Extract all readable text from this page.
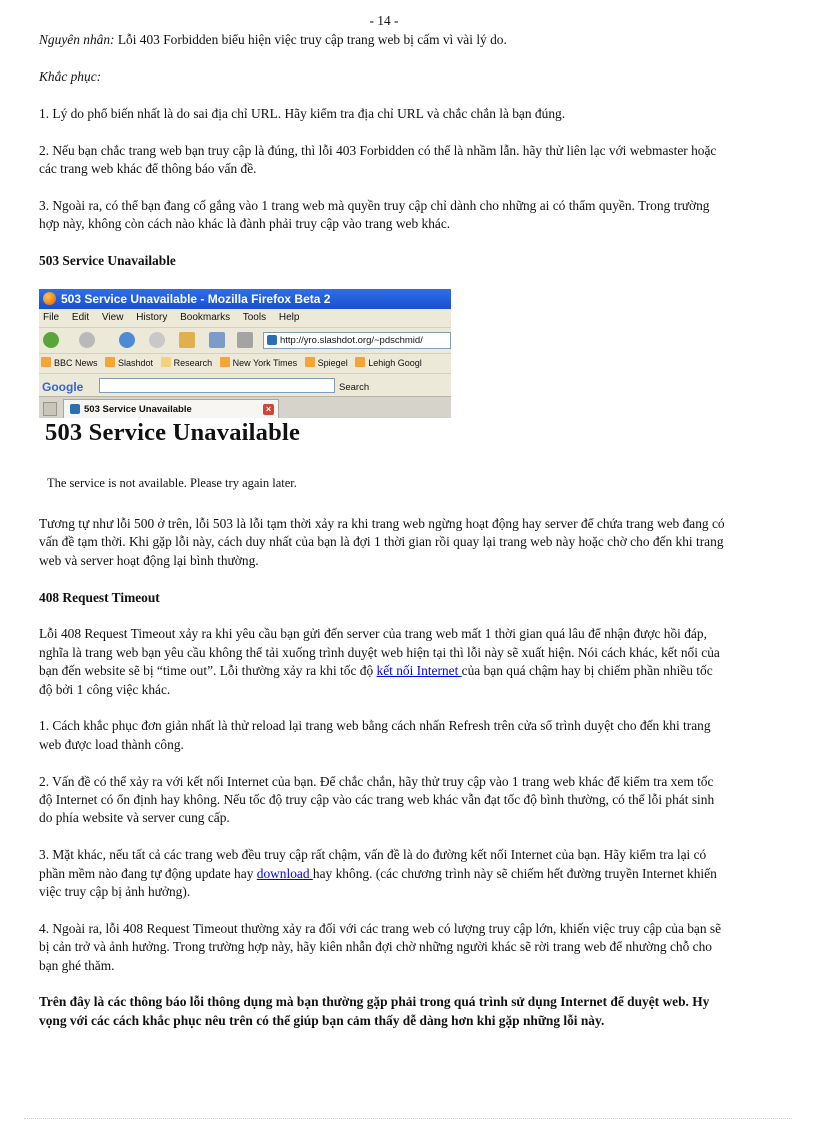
- 14 -

Nguyên nhân: Lỗi 403 Forbidden biểu hiện việc truy cập trang web bị cấm vì vài lý do.

Khắc phục:

1. Lý do phổ biến nhất là do sai địa chỉ URL. Hãy kiểm tra địa chỉ URL và chắc chắn là bạn đúng.

2. Nếu bạn chắc trang web bạn truy cập là đúng, thì lỗi 403 Forbidden có thể là nhầm lẫn. hãy thử liên lạc với webmaster hoặc các trang web khác để thông báo vấn đề.

3. Ngoài ra, có thể bạn đang cố gắng vào 1 trang web mà quyền truy cập chỉ dành cho những ai có thẩm quyền. Trong trường hợp này, không còn cách nào khác là đành phải truy cập vào trang web khác.

503 Service Unavailable

503 Service Unavailable - Mozilla Firefox Beta 2
File Edit View History Bookmarks Tools Help
http://yro.slashdot.org/~pdschmid/
BBC News Slashdot Research New York Times Spiegel Lehigh Googl
Google	Search
503 Service Unavailable	×
503 Service Unavailable
The service is not available. Please try again later.

Tương tự như lỗi 500 ở trên, lỗi 503 là lỗi tạm thời xảy ra khi trang web ngừng hoạt động hay server để chứa trang web đang có vấn đề tạm thời. Khi gặp lỗi này, cách duy nhất của bạn là đợi 1 thời gian rồi quay lại trang web này hoặc chờ cho đến khi trang web và server hoạt động lại bình thường.

408 Request Timeout

Lỗi 408 Request Timeout xảy ra khi yêu cầu bạn gửi đến server của trang web mất 1 thời gian quá lâu để nhận được hồi đáp, nghĩa là trang web bạn yêu cầu không thể tải xuống trình duyệt web hiện tại thì lỗi này sẽ xuất hiện. Nói cách khác, kết nối của bạn đến website sẽ bị “time out”. Lỗi thường xảy ra khi tốc độ kết nối Internet của bạn quá chậm hay bị chiếm phần nhiều tốc độ bởi 1 công việc khác.

1. Cách khắc phục đơn giản nhất là thử reload lại trang web bằng cách nhấn Refresh trên cửa sổ trình duyệt cho đến khi trang web được load thành công.

2. Vấn đề có thể xảy ra với kết nối Internet của bạn. Để chắc chắn, hãy thử truy cập vào 1 trang web khác để kiểm tra xem tốc độ Internet có ổn định hay không. Nếu tốc độ truy cập vào các trang web khác vẫn đạt tốc độ bình thường, có thể lỗi phát sinh do phía website và server cung cấp.

3. Mặt khác, nếu tất cả các trang web đều truy cập rất chậm, vấn đề là do đường kết nối Internet của bạn. Hãy kiểm tra lại có phần mềm nào đang tự động update hay download hay không. (các chương trình này sẽ chiếm hết đường truyền Internet khiến việc truy cập bị ảnh hưởng).

4. Ngoài ra, lỗi 408 Request Timeout thường xảy ra đối với các trang web có lượng truy cập lớn, khiến việc truy cập của bạn sẽ bị cản trở và ảnh hưởng. Trong trường hợp này, hãy kiên nhẫn đợi chờ những người khác sẽ rời trang web để nhường chỗ cho bạn ghé thăm.

Trên đây là các thông báo lỗi thông dụng mà bạn thường gặp phải trong quá trình sử dụng Internet để duyệt web. Hy vọng với các cách khắc phục nêu trên có thể giúp bạn cảm thấy dễ dàng hơn khi gặp những lỗi này.
